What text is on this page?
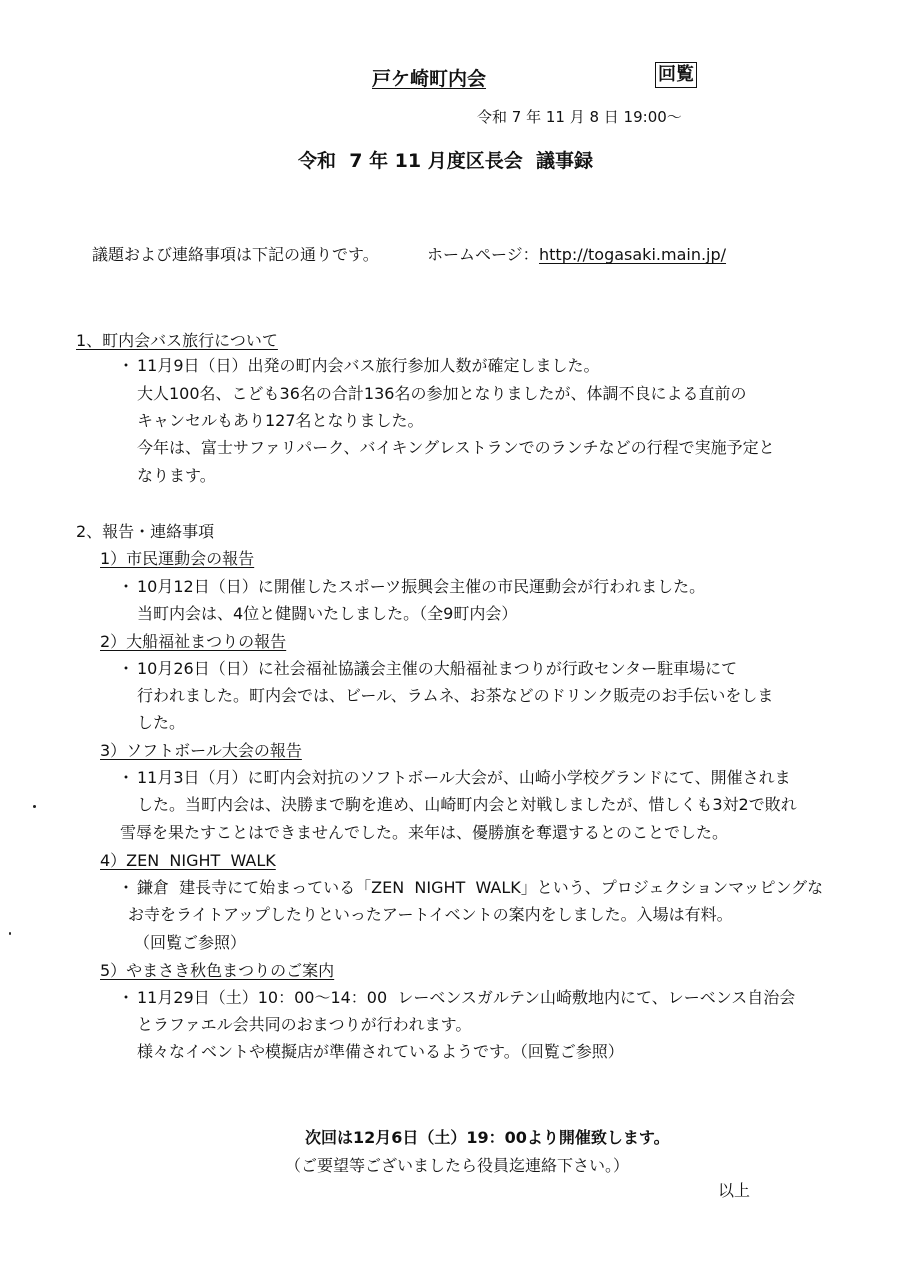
戸ケ崎町内会	回覧
令和 7 年 11 月 8 日 19:00～
令和  7 年 11 月度区長会  議事録
議題および連絡事項は下記の通りです。	ホームページ： http://togasaki.main.jp/
1、町内会バス旅行について
・ 11月9日（日）出発の町内会バス旅行参加人数が確定しました。
大人100名、こども36名の合計136名の参加となりましたが、体調不良による直前の
キャンセルもあり127名となりました。
今年は、富士サファリパーク、バイキングレストランでのランチなどの行程で実施予定と
なります。
2、報告・連絡事項
1）市民運動会の報告
・ 10月12日（日）に開催したスポーツ振興会主催の市民運動会が行われました。
当町内会は、4位と健闘いたしました。（全9町内会）
2）大船福祉まつりの報告
・ 10月26日（日）に社会福祉協議会主催の大船福祉まつりが行政センター駐車場にて
行われました。町内会では、ビール、ラムネ、お茶などのドリンク販売のお手伝いをしま
した。
3）ソフトボール大会の報告
・ 11月3日（月）に町内会対抗のソフトボール大会が、山崎小学校グランドにて、開催されま
した。当町内会は、決勝まで駒を進め、山崎町内会と対戦しましたが、惜しくも3対2で敗れ
雪辱を果たすことはできませんでした。来年は、優勝旗を奪還するとのことでした。
4）ZEN  NIGHT  WALK
・ 鎌倉  建長寺にて始まっている「ZEN  NIGHT  WALK」という、プロジェクションマッピングな
お寺をライトアップしたりといったアートイベントの案内をしました。入場は有料。
（回覧ご参照）
5）やまさき秋色まつりのご案内
・ 11月29日（土）10：00～14：00  レーベンスガルテン山崎敷地内にて、レーベンス自治会
とラファエル会共同のおまつりが行われます。
様々なイベントや模擬店が準備されているようです。（回覧ご参照）
次回は12月6日（土）19：00より開催致します。
（ご要望等ございましたら役員迄連絡下さい。）
以上
